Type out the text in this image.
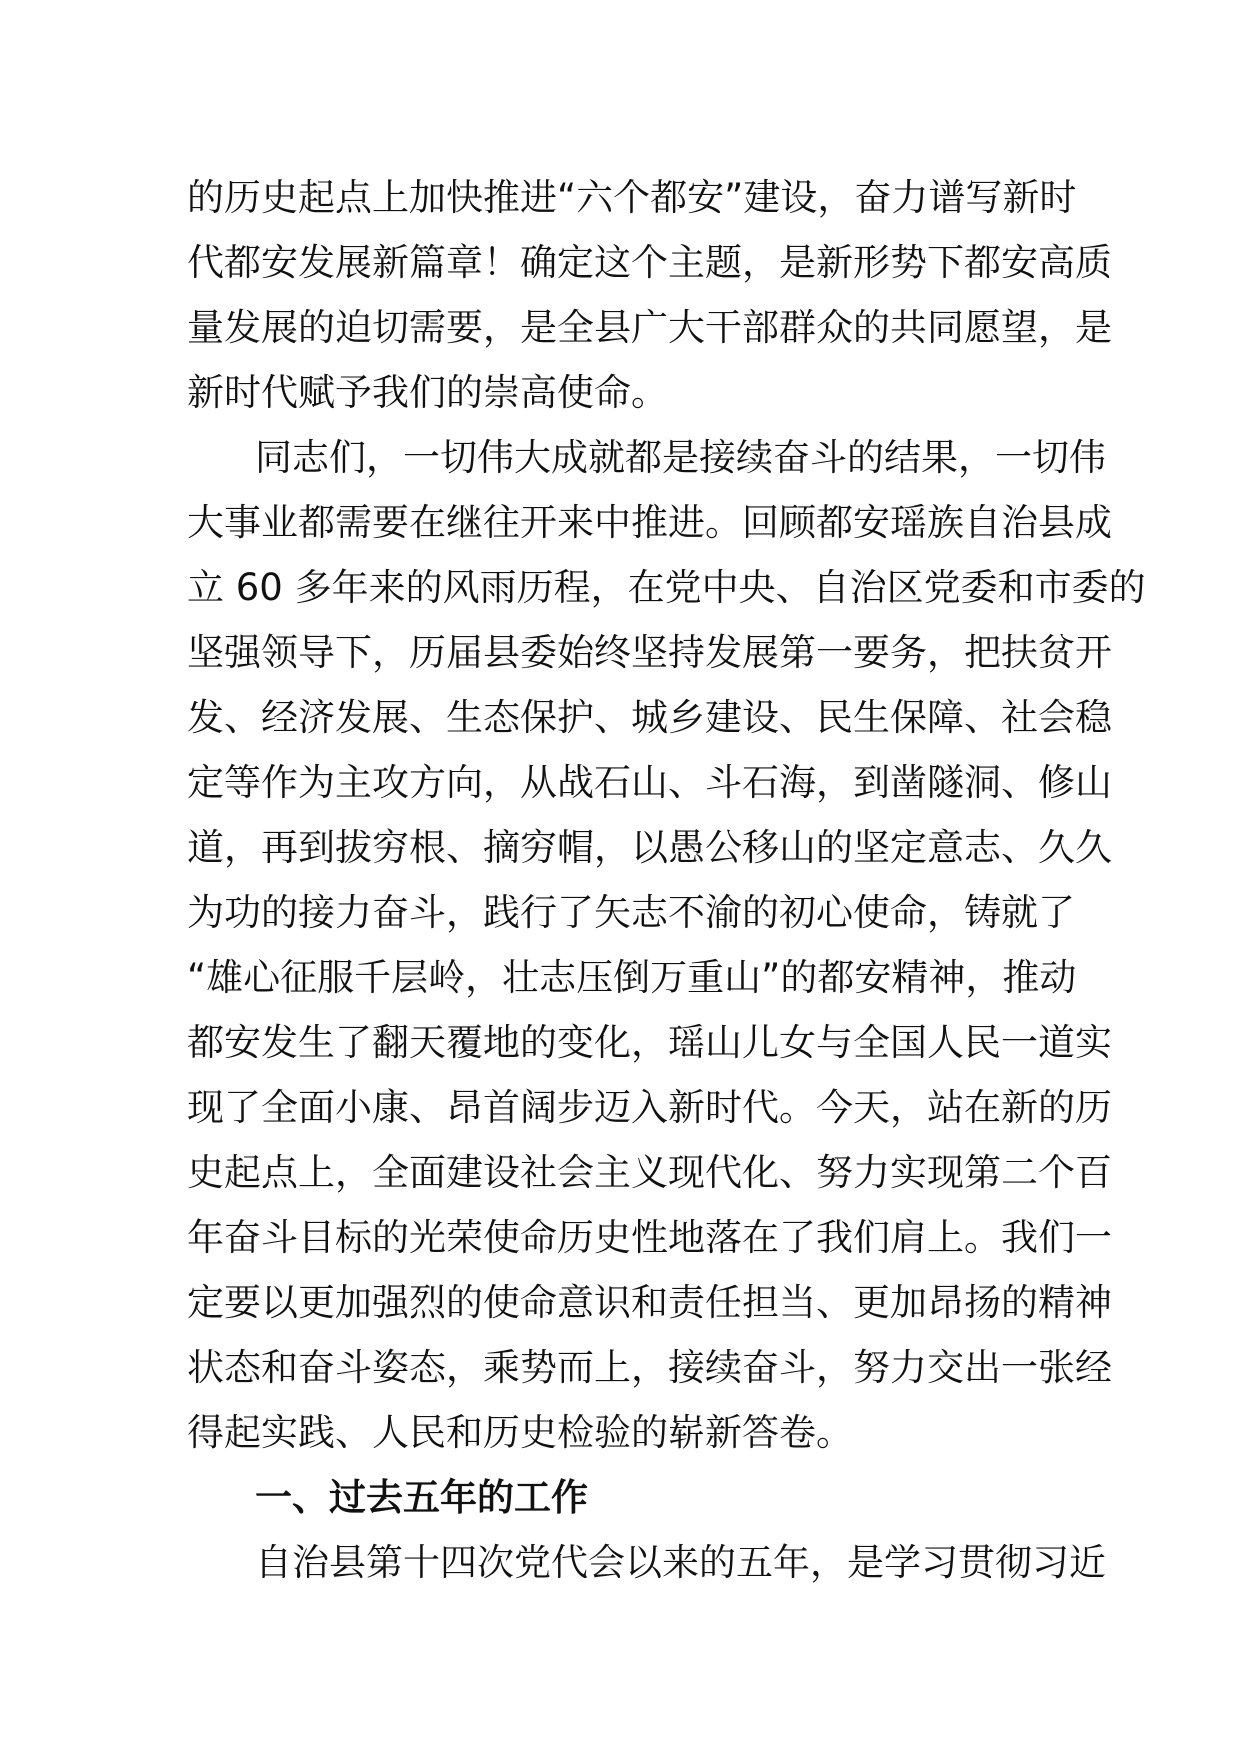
的历史起点上加快推进“六个都安”建设，奋力谱写新时
代都安发展新篇章！确定这个主题，是新形势下都安高质
量发展的迫切需要，是全县广大干部群众的共同愿望，是
新时代赋予我们的崇高使命。
同志们，一切伟大成就都是接续奋斗的结果，一切伟
大事业都需要在继往开来中推进。回顾都安瑶族自治县成
立 60 多年来的风雨历程，在党中央、自治区党委和市委的
坚强领导下，历届县委始终坚持发展第一要务，把扶贫开
发、经济发展、生态保护、城乡建设、民生保障、社会稳
定等作为主攻方向，从战石山、斗石海，到凿隧洞、修山
道，再到拔穷根、摘穷帽，以愚公移山的坚定意志、久久
为功的接力奋斗，践行了矢志不渝的初心使命，铸就了
“雄心征服千层岭，壮志压倒万重山”的都安精神，推动
都安发生了翻天覆地的变化，瑶山儿女与全国人民一道实
现了全面小康、昂首阔步迈入新时代。今天，站在新的历
史起点上，全面建设社会主义现代化、努力实现第二个百
年奋斗目标的光荣使命历史性地落在了我们肩上。我们一
定要以更加强烈的使命意识和责任担当、更加昂扬的精神
状态和奋斗姿态，乘势而上，接续奋斗，努力交出一张经
得起实践、人民和历史检验的崭新答卷。
一、过去五年的工作
自治县第十四次党代会以来的五年，是学习贯彻习近
